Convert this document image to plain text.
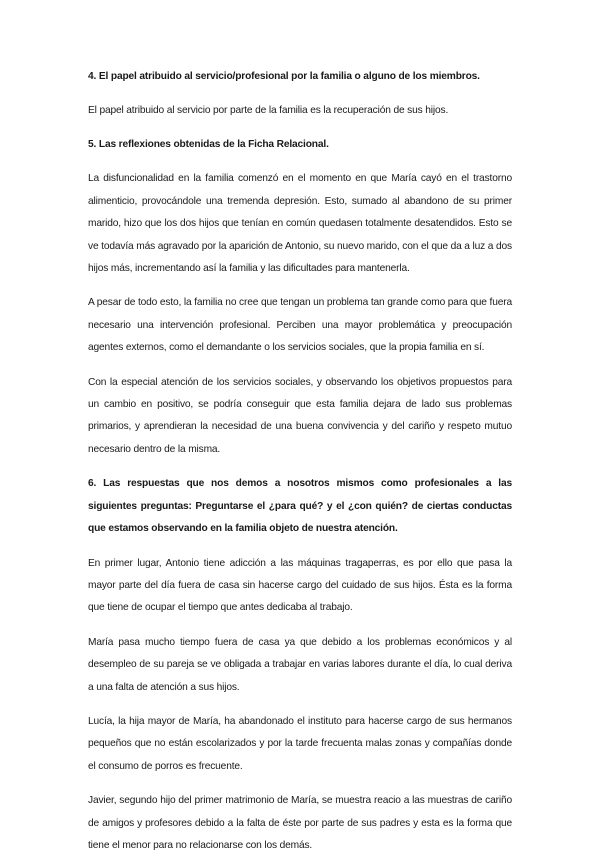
4. El papel atribuido al servicio/profesional por la familia o alguno de los miembros.

El papel atribuido al servicio por parte de la familia es la recuperación de sus hijos.

5. Las reflexiones obtenidas de la Ficha Relacional.

La disfuncionalidad en la familia comenzó en el momento en que María cayó en el trastorno alimenticio, provocándole una tremenda depresión. Esto, sumado al abandono de su primer marido, hizo que los dos hijos que tenían en común quedasen totalmente desatendidos. Esto se ve todavía más agravado por la aparición de Antonio, su nuevo marido, con el que da a luz a dos hijos más, incrementando así la familia y las dificultades para mantenerla.

A pesar de todo esto, la familia no cree que tengan un problema tan grande como para que fuera necesario una intervención profesional. Perciben una mayor problemática y preocupación agentes externos, como el demandante o los servicios sociales, que la propia familia en sí.

Con la especial atención de los servicios sociales, y observando los objetivos propuestos para un cambio en positivo, se podría conseguir que esta familia dejara de lado sus problemas primarios, y aprendieran la necesidad de una buena convivencia y del cariño y respeto mutuo necesario dentro de la misma.

6. Las respuestas que nos demos a nosotros mismos como profesionales a las siguientes preguntas: Preguntarse el ¿para qué? y el ¿con quién? de ciertas conductas que estamos observando en la familia objeto de nuestra atención.

En primer lugar, Antonio tiene adicción a las máquinas tragaperras, es por ello que pasa la mayor parte del día fuera de casa sin hacerse cargo del cuidado de sus hijos. Ésta es la forma que tiene de ocupar el tiempo que antes dedicaba al trabajo.

María pasa mucho tiempo fuera de casa ya que debido a los problemas económicos y al desempleo de su pareja se ve obligada a trabajar en varias labores durante el día, lo cual deriva a una falta de atención a sus hijos.

Lucía, la hija mayor de María, ha abandonado el instituto para hacerse cargo de sus hermanos pequeños que no están escolarizados y por la tarde frecuenta malas zonas y compañías donde el consumo de porros es frecuente.

Javier, segundo hijo del primer matrimonio de María, se muestra reacio a las muestras de cariño de amigos y profesores debido a la falta de éste por parte de sus padres y esta es la forma que tiene el menor para no relacionarse con los demás.
